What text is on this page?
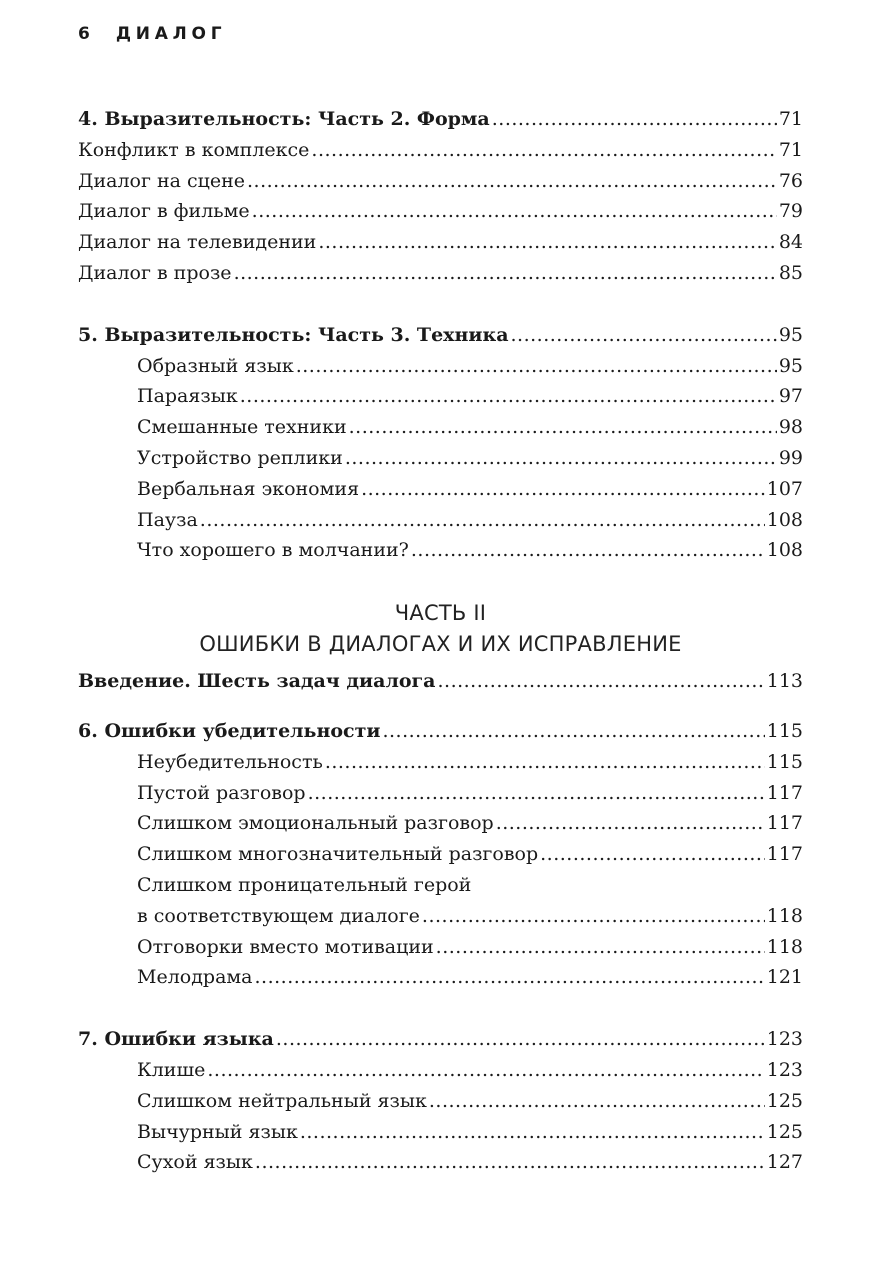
6 ДИАЛОГ
4. Выразительность: Часть 2. Форма .....	71
Конфликт в комплексе .....	71
Диалог на сцене .....	76
Диалог в фильме .....	79
Диалог на телевидении .....	84
Диалог в прозе .....	85
5. Выразительность: Часть 3. Техника .....	95
Образный язык .....	95
Параязык .....	97
Смешанные техники .....	98
Устройство реплики .....	99
Вербальная экономия .....	107
Пауза .....	108
Что хорошего в молчании? .....	108
ЧАСТЬ II
ОШИБКИ В ДИАЛОГАХ И ИХ ИСПРАВЛЕНИЕ
Введение. Шесть задач диалога .....	113
6. Ошибки убедительности .....	115
Неубедительность .....	115
Пустой разговор .....	117
Слишком эмоциональный разговор .....	117
Слишком многозначительный разговор .....	117
Слишком проницательный герой
в соответствующем диалоге .....	118
Отговорки вместо мотивации .....	118
Мелодрама .....	121
7. Ошибки языка .....	123
Клише .....	123
Слишком нейтральный язык .....	125
Вычурный язык .....	125
Сухой язык .....	127
